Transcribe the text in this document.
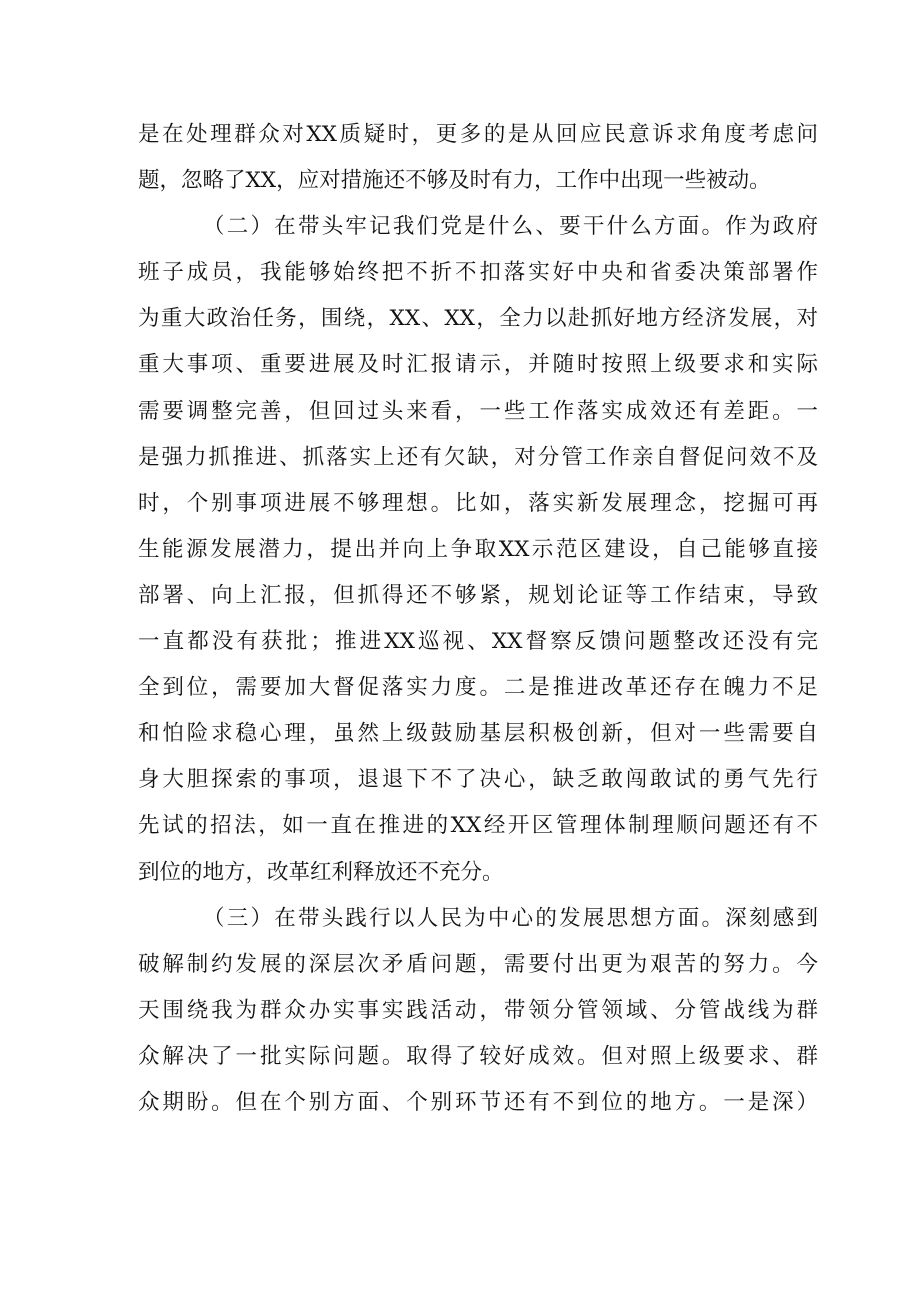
是在处理群众对XX质疑时，更多的是从回应民意诉求角度考虑问
题，忽略了XX，应对措施还不够及时有力，工作中出现一些被动。
（二）在带头牢记我们党是什么、要干什么方面。作为政府
班子成员，我能够始终把不折不扣落实好中央和省委决策部署作
为重大政治任务，围绕，XX、XX，全力以赴抓好地方经济发展，对
重大事项、重要进展及时汇报请示，并随时按照上级要求和实际
需要调整完善，但回过头来看，一些工作落实成效还有差距。一
是强力抓推进、抓落实上还有欠缺，对分管工作亲自督促问效不及
时，个别事项进展不够理想。比如，落实新发展理念，挖掘可再
生能源发展潜力，提出并向上争取XX示范区建设，自己能够直接
部署、向上汇报，但抓得还不够紧，规划论证等工作结束，导致
一直都没有获批；推进XX巡视、XX督察反馈问题整改还没有完
全到位，需要加大督促落实力度。二是推进改革还存在魄力不足
和怕险求稳心理，虽然上级鼓励基层积极创新，但对一些需要自
身大胆探索的事项，退退下不了决心，缺乏敢闯敢试的勇气先行
先试的招法，如一直在推进的XX经开区管理体制理顺问题还有不
到位的地方，改革红利释放还不充分。
（三）在带头践行以人民为中心的发展思想方面。深刻感到
破解制约发展的深层次矛盾问题，需要付出更为艰苦的努力。今
天围绕我为群众办实事实践活动，带领分管领域、分管战线为群
众解决了一批实际问题。取得了较好成效。但对照上级要求、群
众期盼。但在个别方面、个别环节还有不到位的地方。一是深）
